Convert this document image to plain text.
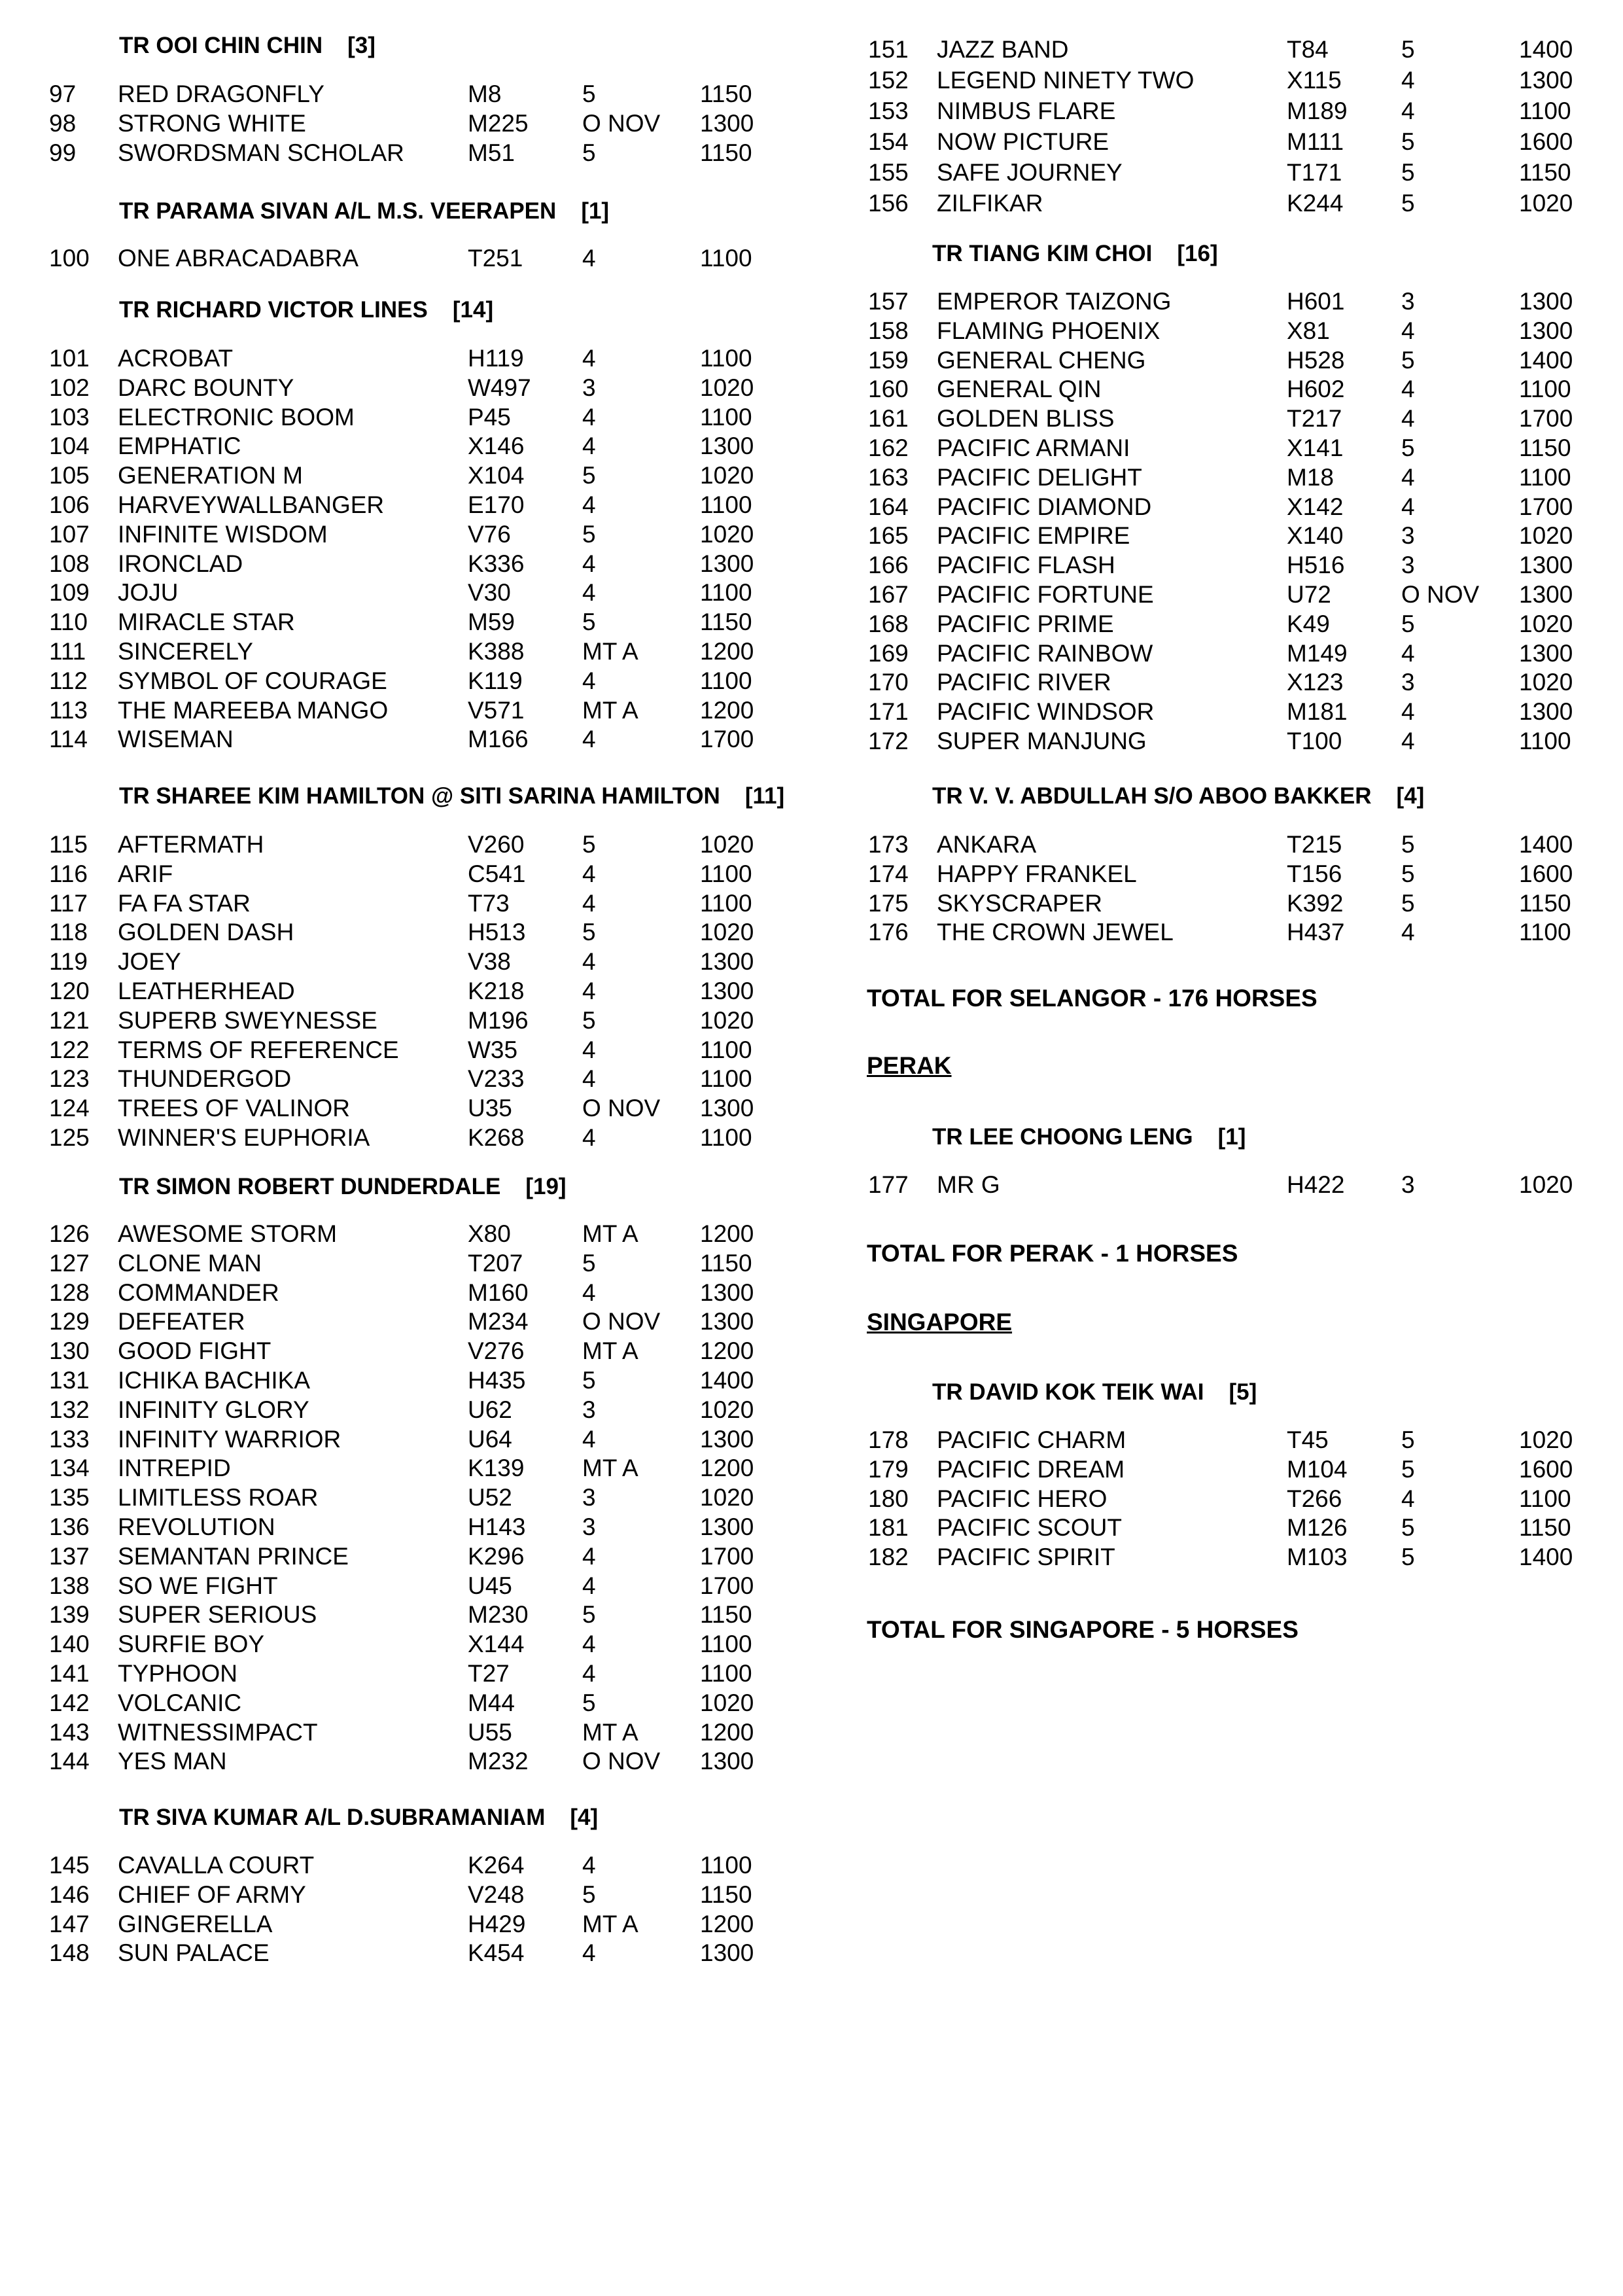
TR OOI CHIN CHIN [3]
97 RED DRAGONFLY	M8	5	1150
98 STRONG WHITE	M225 O NOV 1300
99 SWORDSMAN SCHOLAR	M51	5	1150
TR PARAMA SIVAN A/L M.S. VEERAPEN [1]
100 ONE ABRACADABRA	T251 4	1100
TR RICHARD VICTOR LINES [14]
101 ACROBAT	H119 4	1100
102 DARC BOUNTY	W497 3	1020
103 ELECTRONIC BOOM	P45	4	1100
104 EMPHATIC	X146 4	1300
105 GENERATION M	X104 5	1020
106 HARVEYWALLBANGER	E170 4	1100
107 INFINITE WISDOM	V76	5	1020
108 IRONCLAD	K336 4	1300
109 JOJU	V30	4	1100
110 MIRACLE STAR	M59	5	1150
111 SINCERELY	K388 MT A	1200
112 SYMBOL OF COURAGE	K119 4	1100
113 THE MAREEBA MANGO	V571 MT A	1200
114 WISEMAN	M166 4	1700
TR SHAREE KIM HAMILTON @ SITI SARINA HAMILTON [11]
115 AFTERMATH	V260 5	1020
116 ARIF	C541 4	1100
117 FA FA STAR	T73	4	1100
118 GOLDEN DASH	H513 5	1020
119 JOEY	V38	4	1300
120 LEATHERHEAD	K218 4	1300
121 SUPERB SWEYNESSE	M196 5	1020
122 TERMS OF REFERENCE	W35	4	1100
123 THUNDERGOD	V233 4	1100
124 TREES OF VALINOR	U35	O NOV 1300
125 WINNER'S EUPHORIA	K268 4	1100
TR SIMON ROBERT DUNDERDALE [19]
126 AWESOME STORM	X80	MT A	1200
127 CLONE MAN	T207 5	1150
128 COMMANDER	M160 4	1300
129 DEFEATER	M234 O NOV 1300
130 GOOD FIGHT	V276 MT A	1200
131 ICHIKA BACHIKA	H435 5	1400
132 INFINITY GLORY	U62	3	1020
133 INFINITY WARRIOR	U64	4	1300
134 INTREPID	K139 MT A	1200
135 LIMITLESS ROAR	U52	3	1020
136 REVOLUTION	H143 3	1300
137 SEMANTAN PRINCE	K296 4	1700
138 SO WE FIGHT	U45	4	1700
139 SUPER SERIOUS	M230 5	1150
140 SURFIE BOY	X144 4	1100
141 TYPHOON	T27	4	1100
142 VOLCANIC	M44	5	1020
143 WITNESSIMPACT	U55	MT A	1200
144 YES MAN	M232 O NOV 1300
TR SIVA KUMAR A/L D.SUBRAMANIAM [4]
145 CAVALLA COURT	K264 4	1100
146 CHIEF OF ARMY	V248 5	1150
147 GINGERELLA	H429 MT A	1200
148 SUN PALACE	K454 4	1300
151 JAZZ BAND	T84	5	1400
152 LEGEND NINETY TWO	X115 4	1300
153 NIMBUS FLARE	M189 4	1100
154 NOW PICTURE	M111 5	1600
155 SAFE JOURNEY	T171 5	1150
156 ZILFIKAR	K244 5	1020
TR TIANG KIM CHOI [16]
157 EMPEROR TAIZONG	H601 3	1300
158 FLAMING PHOENIX	X81	4	1300
159 GENERAL CHENG	H528 5	1400
160 GENERAL QIN	H602 4	1100
161 GOLDEN BLISS	T217 4	1700
162 PACIFIC ARMANI	X141 5	1150
163 PACIFIC DELIGHT	M18	4	1100
164 PACIFIC DIAMOND	X142 4	1700
165 PACIFIC EMPIRE	X140 3	1020
166 PACIFIC FLASH	H516 3	1300
167 PACIFIC FORTUNE	U72	O NOV 1300
168 PACIFIC PRIME	K49	5	1020
169 PACIFIC RAINBOW	M149 4	1300
170 PACIFIC RIVER	X123 3	1020
171 PACIFIC WINDSOR	M181 4	1300
172 SUPER MANJUNG	T100 4	1100
TR V. V. ABDULLAH S/O ABOO BAKKER [4]
173 ANKARA	T215 5	1400
174 HAPPY FRANKEL	T156 5	1600
175 SKYSCRAPER	K392 5	1150
176 THE CROWN JEWEL	H437 4	1100
TOTAL FOR SELANGOR - 176 HORSES
PERAK
TR LEE CHOONG LENG [1]
177 MR G	H422 3	1020
TOTAL FOR PERAK - 1 HORSES
SINGAPORE
TR DAVID KOK TEIK WAI [5]
178 PACIFIC CHARM	T45	5	1020
179 PACIFIC DREAM	M104 5	1600
180 PACIFIC HERO	T266 4	1100
181 PACIFIC SCOUT	M126 5	1150
182 PACIFIC SPIRIT	M103 5	1400
TOTAL FOR SINGAPORE - 5 HORSES
